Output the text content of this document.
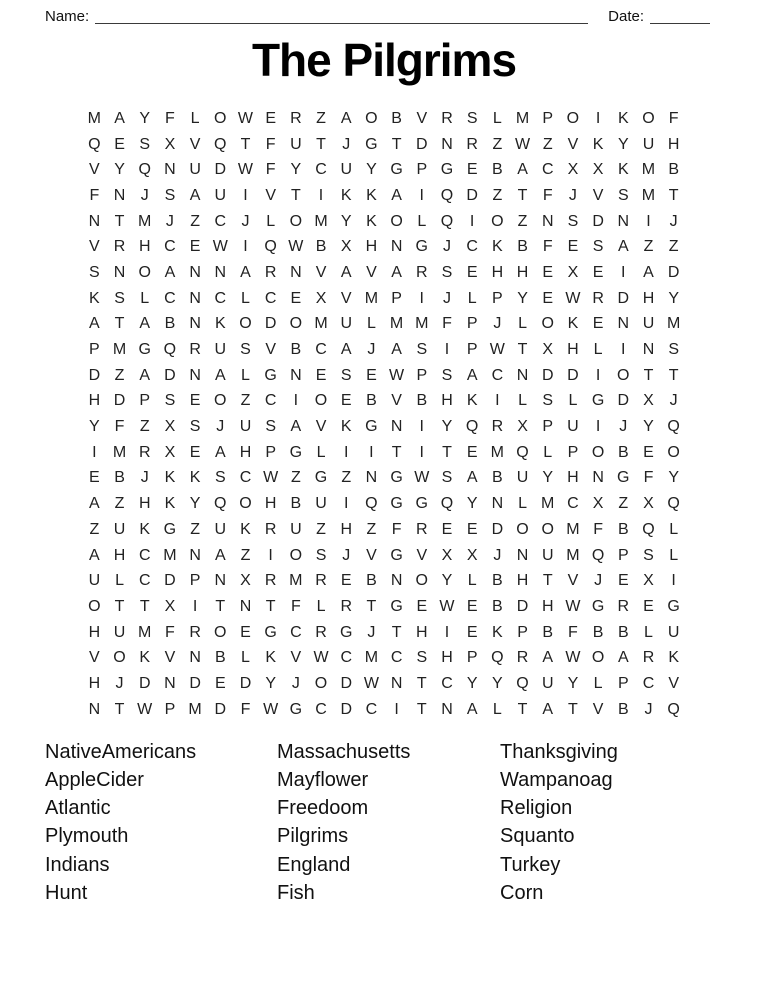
Name:	Date:
The Pilgrims
M A Y F L O W E R Z A O B V R S L M P O	I	K O F
Q E S X V Q T F U T	J G T D N R Z W Z V K Y U H
V Y Q N U D W F Y C U Y G P G E B A C X X K M B
F N J S A U	I	V T	I	K K A	I	Q D Z T F	J V S M T
N T M J	Z C J	L O M Y K O L Q	I	O Z N S D N	I	J
V R H C E W I	Q W B X H N G J C K B F E S A Z Z
S N O A N N A R N V A V A R S E H H E X E	I	A D
K S L C N C L C E X V M P	I	J	L P Y E W R D H Y
A T A B N K O D O M U L M M F P J	L O K E N U M
P M G Q R U S V B C A J A S	I	P W T X H L	I	N S
D Z A D N A L G N E S E W P S A C N D D	I	O T T
H D P S E O Z C	I	O E B V B H K	I	L S L G D X J
Y F Z X S J U S A V K G N	I	Y Q R X P U	I	J Y Q
I	M R X E A H P G L	I	I	T	I	T E M Q L P O B E O
E B J K K S C W Z G Z N G W S A B U Y H N G F Y
A Z H K Y Q O H B U	I	Q G G Q Y N L M C X Z X Q
Z U K G Z U K R U Z H Z F R E E D O O M F B Q L
A H C M N A Z	I	O S J V G V X X J N U M Q P S L
U L C D P N X R M R E B N O Y L B H T V J E X	I
O T T X	I	T N T F L R T G E W E B D H W G R E G
H U M F R O E G C R G J	T H	I	E K P B F B B L U
V O K V N B L K V W C M C S H P Q R A W O A R K
H J D N D E D Y J O D W N T C Y Y Q U Y L P C V
N T W P M D F W G C D C	I	T N A L T A T V B J Q
NativeAmericans
AppleCider
Atlantic
Plymouth
Indians
Hunt
Massachusetts
Mayflower
Freedoom
Pilgrims
England
Fish
Thanksgiving
Wampanoag
Religion
Squanto
Turkey
Corn
